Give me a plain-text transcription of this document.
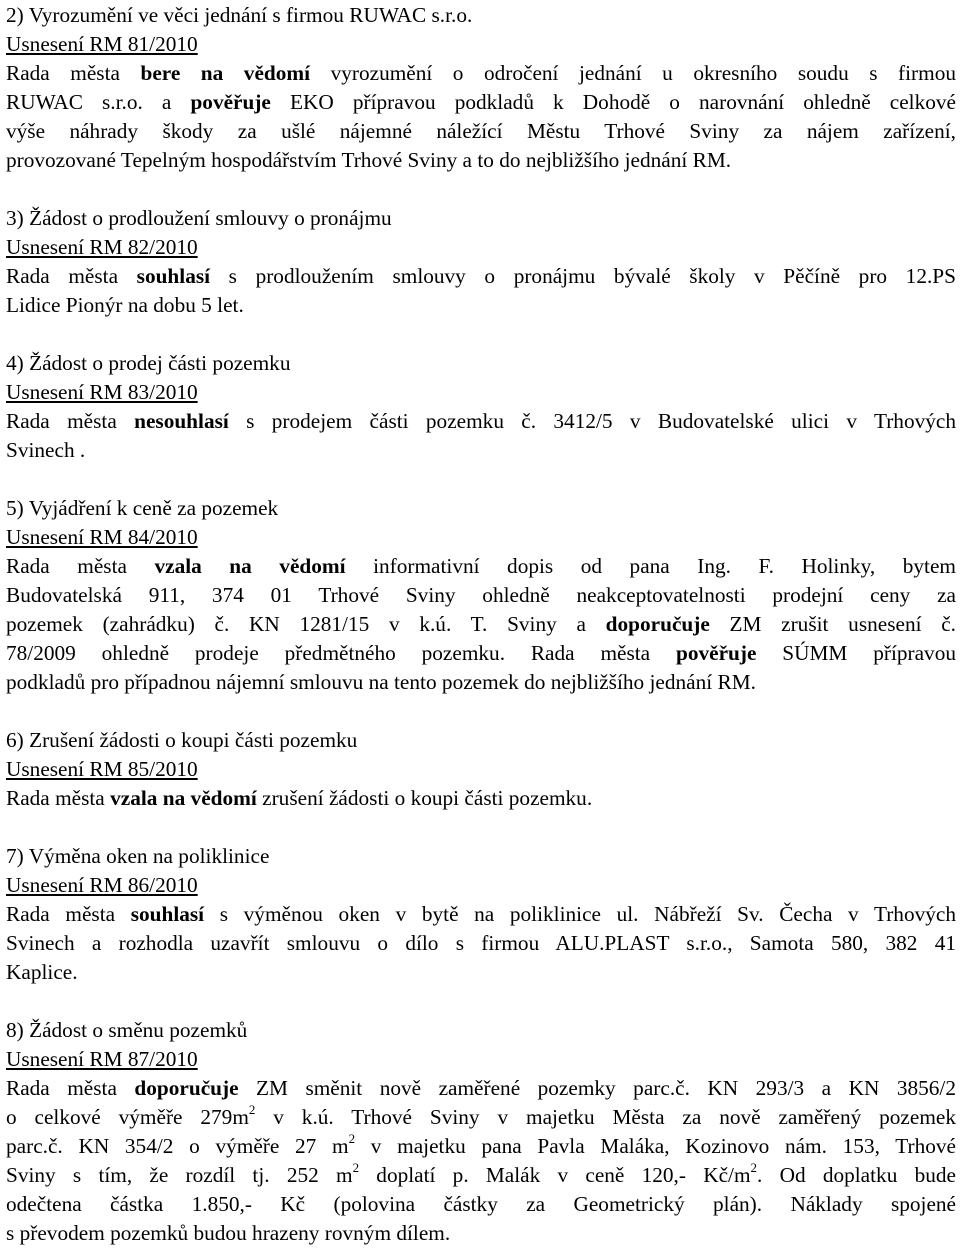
2) Vyrozumění ve věci jednání s firmou RUWAC s.r.o.
Usnesení RM 81/2010
Rada města bere na vědomí vyrozumění o odročení jednání u okresního soudu s firmou
RUWAC s.r.o. a pověřuje EKO přípravou podkladů k Dohodě o narovnání ohledně celkové
výše náhrady škody za ušlé nájemné náležící Městu Trhové Sviny za nájem zařízení,
provozované Tepelným hospodářstvím Trhové Sviny a to do nejbližšího jednání RM.
3) Žádost o prodloužení smlouvy o pronájmu
Usnesení RM 82/2010
Rada města souhlasí s prodloužením smlouvy o pronájmu bývalé školy v Pěčíně pro 12.PS
Lidice Pionýr na dobu 5 let.
4) Žádost o prodej části pozemku
Usnesení RM 83/2010
Rada města nesouhlasí s prodejem části pozemku č. 3412/5 v Budovatelské ulici v Trhových
Svinech .
5) Vyjádření k ceně za pozemek
Usnesení RM 84/2010
Rada města vzala na vědomí informativní dopis od pana Ing. F. Holinky, bytem
Budovatelská 911, 374 01 Trhové Sviny ohledně neakceptovatelnosti prodejní ceny za
pozemek (zahrádku) č. KN 1281/15 v k.ú. T. Sviny a doporučuje ZM zrušit usnesení č.
78/2009 ohledně prodeje předmětného pozemku. Rada města pověřuje SÚMM přípravou
podkladů pro případnou nájemní smlouvu na tento pozemek do nejbližšího jednání RM.
6) Zrušení žádosti o koupi části pozemku
Usnesení RM 85/2010
Rada města vzala na vědomí zrušení žádosti o koupi části pozemku.
7) Výměna oken na poliklinice
Usnesení RM 86/2010
Rada města souhlasí s výměnou oken v bytě na poliklinice ul. Nábřeží Sv. Čecha v Trhových
Svinech a rozhodla uzavřít smlouvu o dílo s firmou ALU.PLAST s.r.o., Samota 580, 382 41
Kaplice.
8) Žádost o směnu pozemků
Usnesení RM 87/2010
Rada města doporučuje ZM směnit nově zaměřené pozemky parc.č. KN 293/3 a KN 3856/2
o celkové výměře $279m^2$ v k.ú. Trhové Sviny v majetku Města za nově zaměřený pozemek
parc.č. KN 354/2 o výměře 27 $m^2$ v majetku pana Pavla Maláka, Kozinovo nám. 153, Trhové
Sviny s tím, že rozdíl tj. 252 $m^2$ doplatí p. Malák v ceně 120,- $Kč/m^2$. Od doplatku bude
odečtena částka 1.850,- Kč (polovina částky za Geometrický plán). Náklady spojené
s převodem pozemků budou hrazeny rovným dílem.
